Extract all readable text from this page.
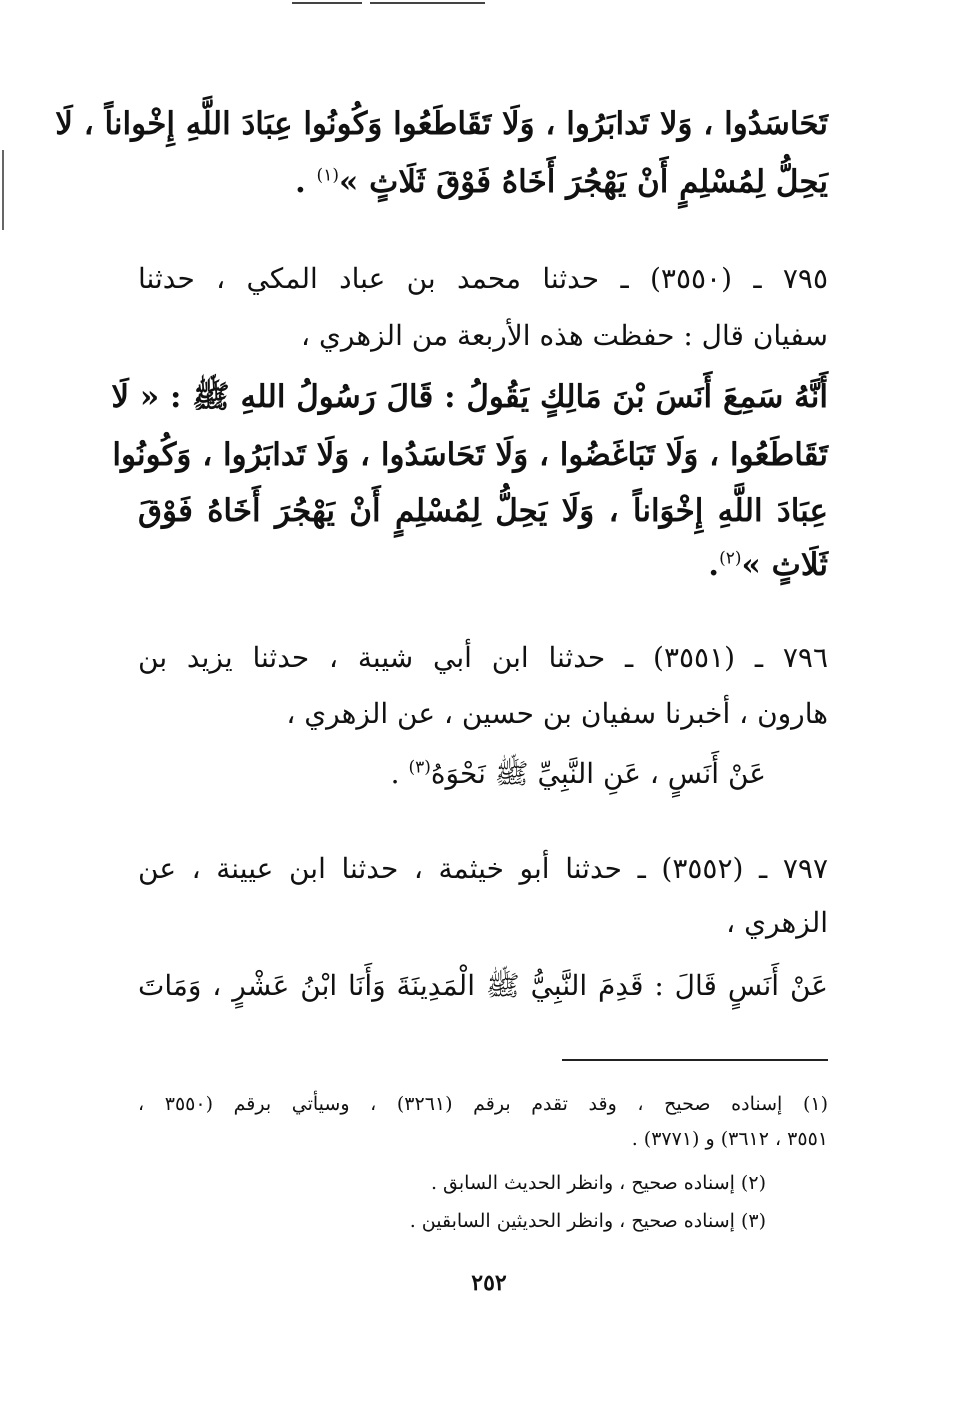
تَحَاسَدُوا ، وَلا تَدابَرُوا ، وَلَا تَقَاطَعُوا وَكُونُوا عِبَادَ اللَّهِ إِخْواناً ، لَا
يَحِلُّ لِمُسْلِمٍ أَنْ يَهْجُرَ أَخَاهُ فَوْقَ ثَلَاثٍ »$^{(١)}$ .
٧٩٥ ـ (٣٥٥٠) ـ حدثنا محمد بن عباد المكي ، حدثنا
سفيان قال : حفظت هذه الأربعة من الزهري ،
أَنَّهُ سَمِعَ أَنَسَ بْنَ مَالِكٍ يَقُولُ : قَالَ رَسُولُ اللهِ ﷺ : « لَا
تَقَاطَعُوا ، وَلَا تَبَاغَضُوا ، وَلَا تَحَاسَدُوا ، وَلَا تَدابَرُوا ، وَكُونُوا
عِبَادَ اللَّهِ إِخْوَاناً ، وَلَا يَحِلُّ لِمُسْلِمٍ أَنْ يَهْجُرَ أَخَاهُ فَوْقَ
ثَلَاثٍ »$^{(٢)}$.
٧٩٦ ـ (٣٥٥١) ـ حدثنا ابن أبي شيبة ، حدثنا يزيد بن
هارون ، أخبرنا سفيان بن حسين ، عن الزهري ،
عَنْ أَنَسٍ ، عَنِ النَّبِيِّ ﷺ نَحْوَهُ$^{(٣)}$ .
٧٩٧ ـ (٣٥٥٢) ـ حدثنا أبو خيثمة ، حدثنا ابن عيينة ، عن
الزهري ،
عَنْ أَنَسٍ قَالَ : قَدِمَ النَّبِيُّ ﷺ الْمَدِينَةَ وَأَنَا ابْنُ عَشْرٍ ، وَمَاتَ
(١) إسناده صحيح ، وقد تقدم برقم (٣٢٦١) ، وسيأتي برقم (٣٥٥٠ ،
٣٥٥١ ، ٣٦١٢) و (٣٧٧١) .
(٢) إسناده صحيح ، وانظر الحديث السابق .
(٣) إسناده صحيح ، وانظر الحديثين السابقين .
٢٥٢
